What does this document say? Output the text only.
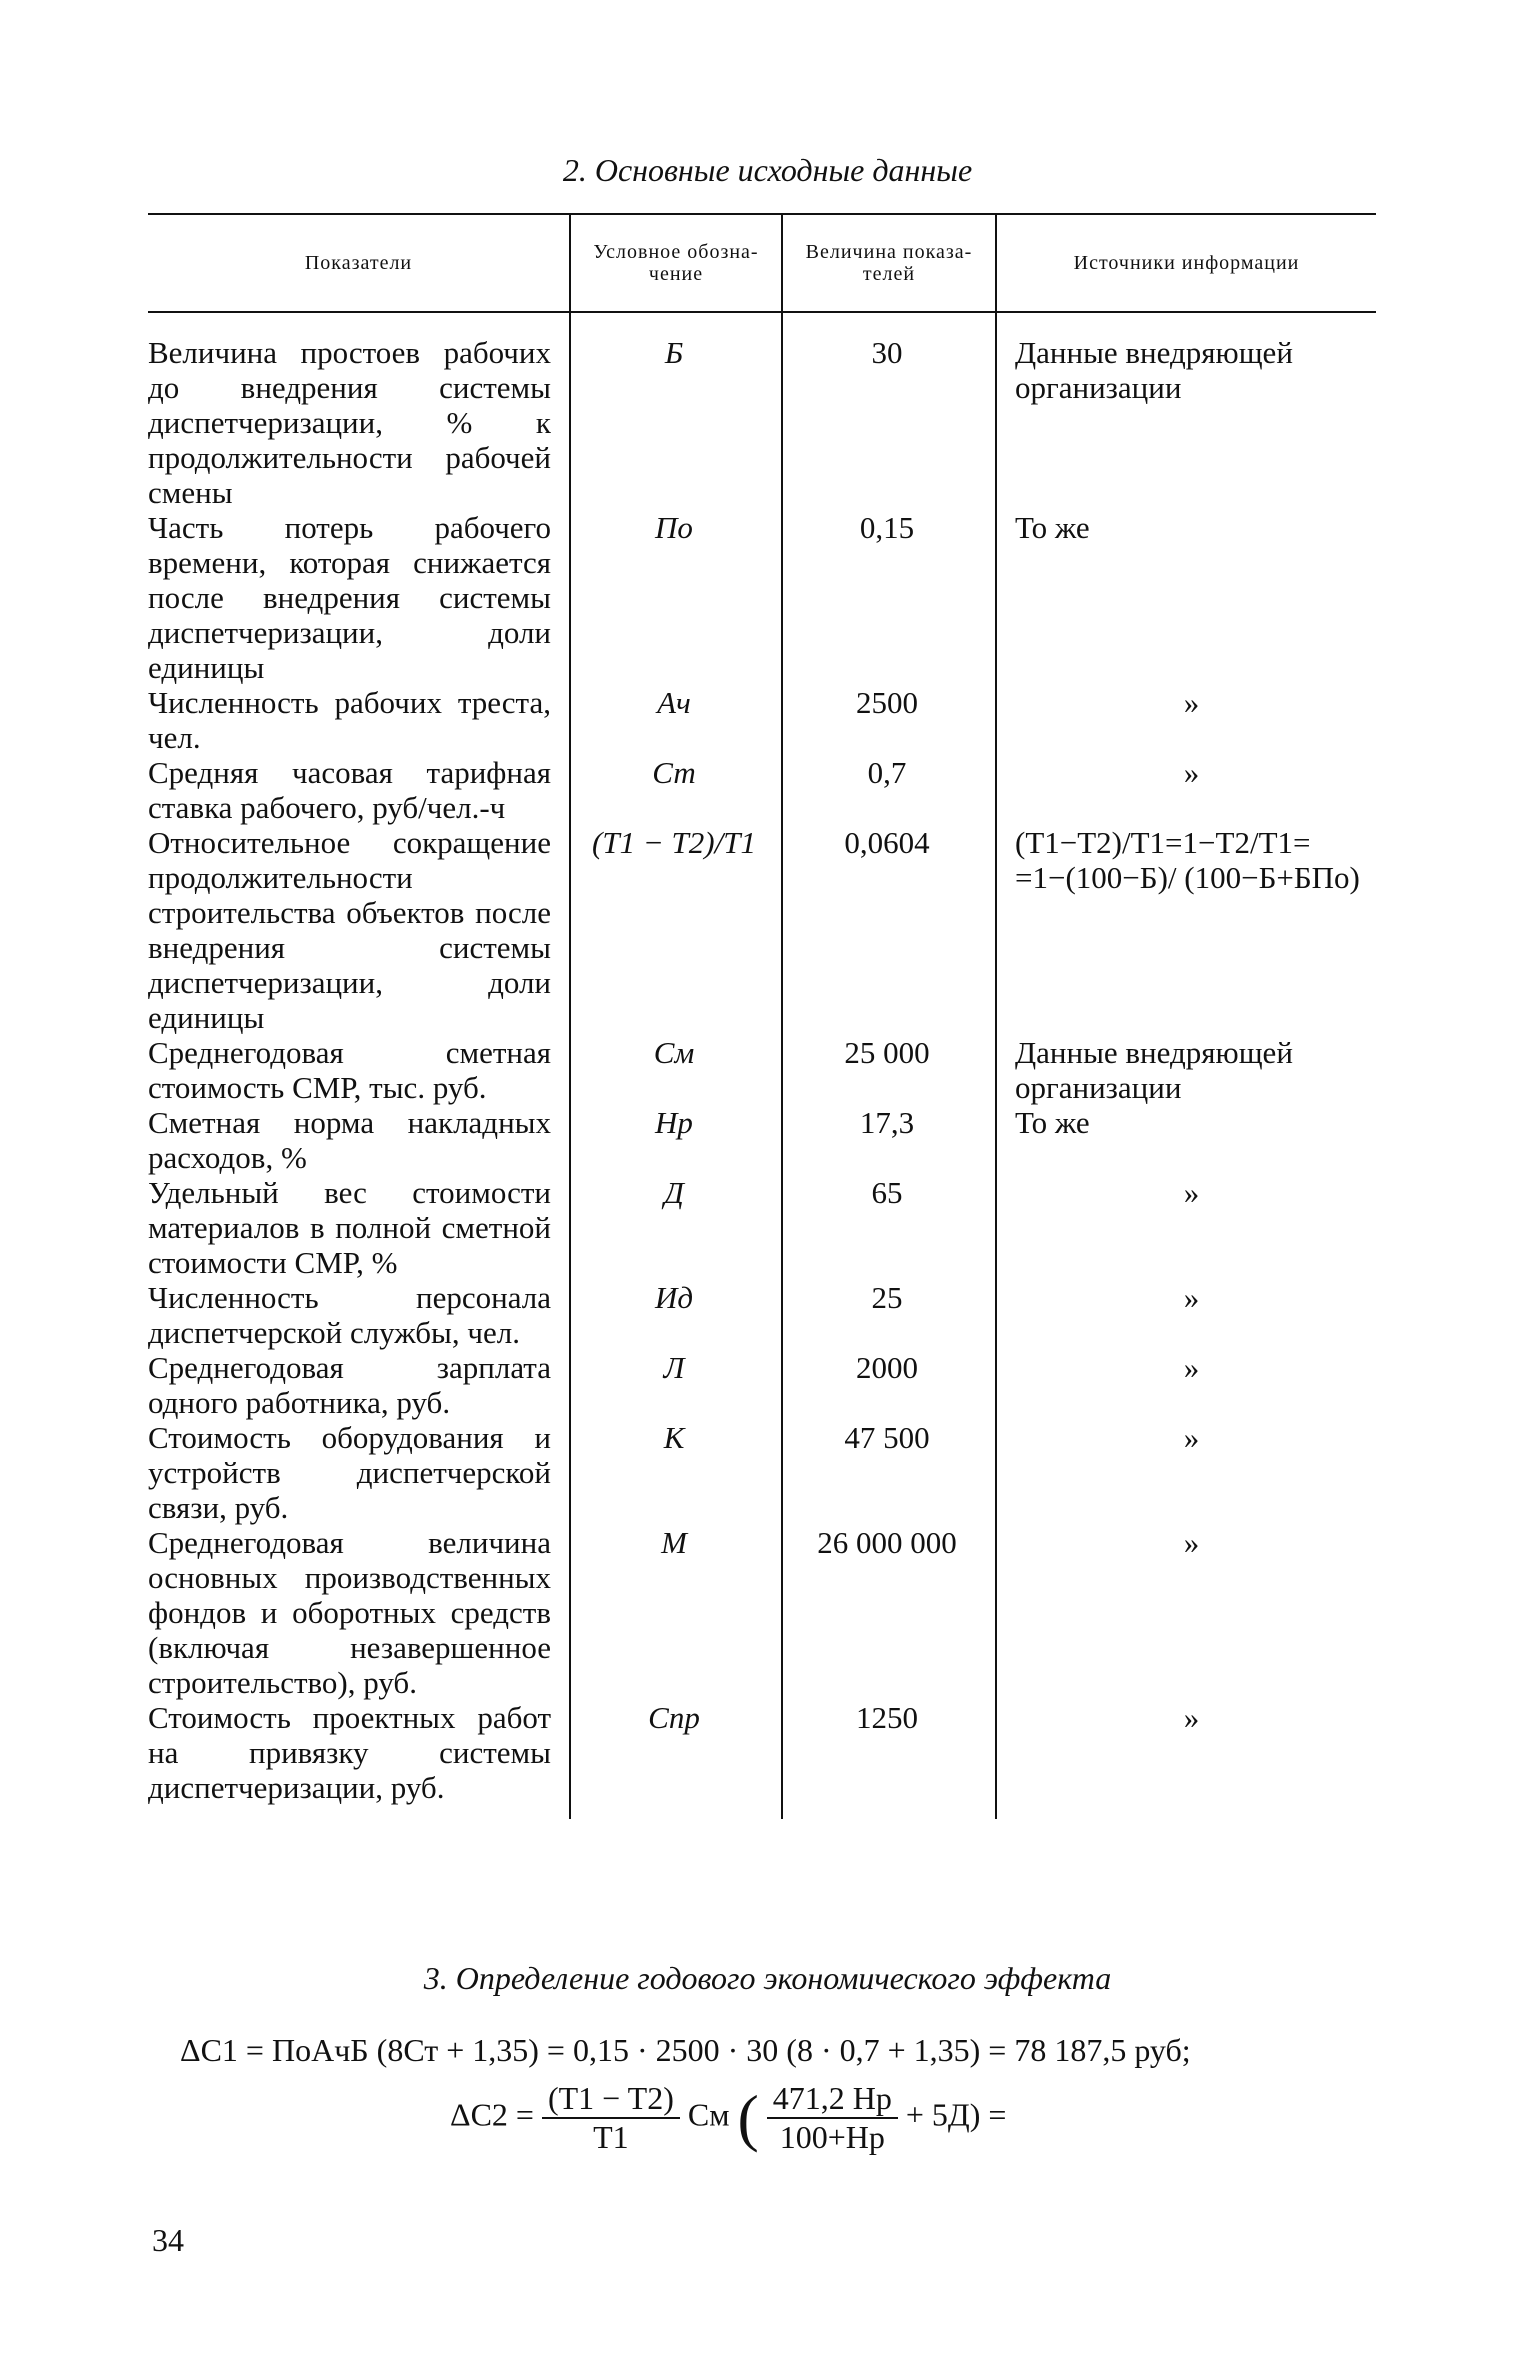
2. Основные исходные данные
Показатели	Условное обозна- чение	Величина показа- телей	Источники информации
Величина простоев рабочих до внедрения системы диспетчеризации, % к продолжительности рабочей смены	Б	30	Данные внедряющей организации
Часть потерь рабочего времени, которая снижается после внедрения системы диспетчеризации, доли единицы	По	0,15	То же
Численность рабочих треста, чел.	Ач	2500	»
Средняя часовая тарифная ставка рабочего, руб/чел.-ч	Ст	0,7	»
Относительное сокращение продолжительности строительства объектов после внедрения системы диспетчеризации, доли единицы	(T1 − T2)/T1	0,0604	(T1−T2)/T1=1−T2/T1= =1−(100−Б)/ (100−Б+БПо)
Среднегодовая сметная стоимость СМР, тыс. руб.	См	25 000	Данные внедряющей организации
Сметная норма накладных расходов, %	Нр	17,3	То же
Удельный вес стоимости материалов в полной сметной стоимости СМР, %	Д	65	»
Численность персонала диспетчерской службы, чел.	Ид	25	»
Среднегодовая зарплата одного работника, руб.	Л	2000	»
Стоимость оборудования и устройств диспетчерской связи, руб.	К	47 500	»
Среднегодовая величина основных производственных фондов и оборотных средств (включая незавершенное строительство), руб.	М	26 000 000	»
Стоимость проектных работ на привязку системы диспетчеризации, руб.	Спр	1250	»
3. Определение годового экономического эффекта
ΔC1 = ПоАчБ (8Ст + 1,35) = 0,15 · 2500 · 30 (8 · 0,7 + 1,35) = 78 187,5 руб;
$\Delta C2 = \frac{(T1 - T2)}{T1}$ См ( $\frac{471,2 Нр}{100+Нр} + 5Д$) =
34
